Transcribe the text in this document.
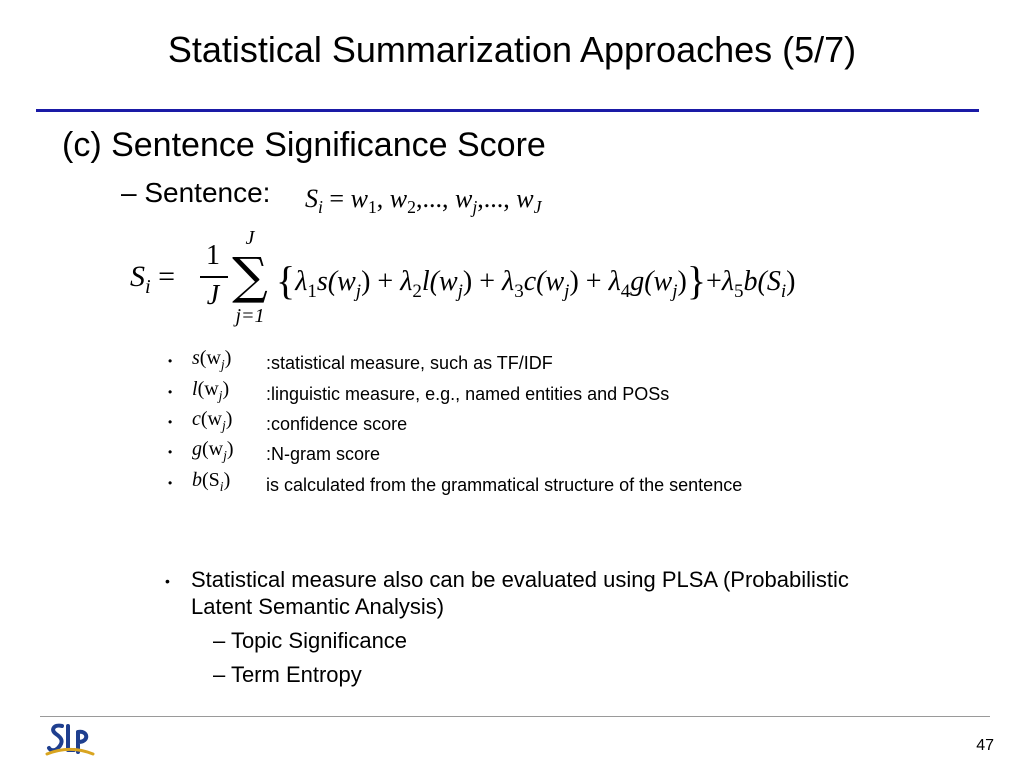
Statistical Summarization Approaches (5/7)
(c) Sentence Significance Score
– Sentence: $S_i = w_1$, $w_2$,..., $w_j$,..., $w_J$
$S_i$ =
1
J
J
∑
j=1
$\{\lambda_1s(w_j) + \lambda_2l(w_j) + \lambda_3c(w_j) + \lambda_4g(w_j)\}+\lambda_5b(S_i)$
• $s(w_j)$ :statistical measure, such as TF/IDF
• $l(w_j)$ :linguistic measure, e.g., named entities and POSs
• $c(w_j)$ :confidence score
• $g(w_j)$ :N-gram score
• $b(S_i)$ is calculated from the grammatical structure of the sentence
• Statistical measure also can be evaluated using PLSA (Probabilistic
Latent Semantic Analysis)
– Topic Significance
– Term Entropy
47
